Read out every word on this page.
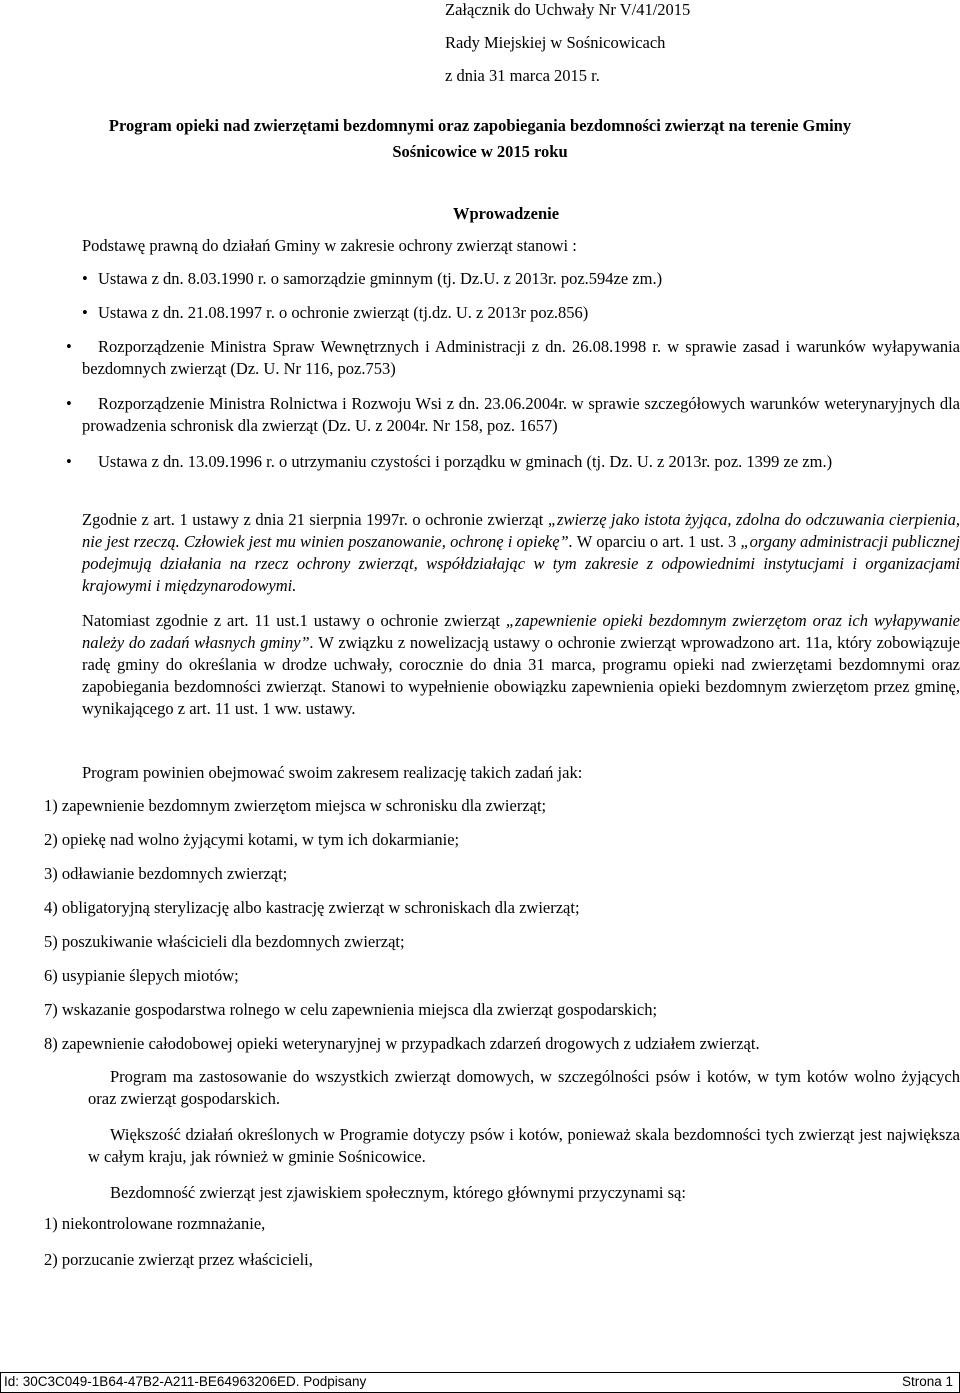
Załącznik do Uchwały Nr V/41/2015
Rady Miejskiej w Sośnicowicach
z dnia 31 marca 2015 r.
Program opieki nad zwierzętami bezdomnymi oraz zapobiegania bezdomności zwierząt na terenie Gminy
Sośnicowice w 2015 roku
Wprowadzenie
Podstawę prawną do działań Gminy w zakresie ochrony zwierząt stanowi :
• Ustawa z dn. 8.03.1990 r. o samorządzie gminnym (tj. Dz.U. z 2013r. poz.594ze zm.)
• Ustawa z dn. 21.08.1997 r. o ochronie zwierząt (tj.dz. U. z 2013r poz.856)
• Rozporządzenie Ministra Spraw Wewnętrznych i Administracji z dn. 26.08.1998 r. w sprawie zasad i warunków wyłapywania bezdomnych zwierząt (Dz. U. Nr 116, poz.753)
• Rozporządzenie Ministra Rolnictwa i Rozwoju Wsi z dn. 23.06.2004r. w sprawie szczegółowych warunków weterynaryjnych dla prowadzenia schronisk dla zwierząt (Dz. U. z 2004r. Nr 158, poz. 1657)
• Ustawa z dn. 13.09.1996 r. o utrzymaniu czystości i porządku w gminach (tj. Dz. U. z 2013r. poz. 1399 ze zm.)
Zgodnie z art. 1 ustawy z dnia 21 sierpnia 1997r. o ochronie zwierząt „zwierzę jako istota żyjąca, zdolna do odczuwania cierpienia, nie jest rzeczą. Człowiek jest mu winien poszanowanie, ochronę i opiekę”. W oparciu o art. 1 ust. 3 „organy administracji publicznej podejmują działania na rzecz ochrony zwierząt, współdziałając w tym zakresie z odpowiednimi instytucjami i organizacjami krajowymi i międzynarodowymi.
Natomiast zgodnie z art. 11 ust.1 ustawy o ochronie zwierząt „zapewnienie opieki bezdomnym zwierzętom oraz ich wyłapywanie należy do zadań własnych gminy”. W związku z nowelizacją ustawy o ochronie zwierząt wprowadzono art. 11a, który zobowiązuje radę gminy do określania w drodze uchwały, corocznie do dnia 31 marca, programu opieki nad zwierzętami bezdomnymi oraz zapobiegania bezdomności zwierząt. Stanowi to wypełnienie obowiązku zapewnienia opieki bezdomnym zwierzętom przez gminę, wynikającego z art. 11 ust. 1 ww. ustawy.
Program powinien obejmować swoim zakresem realizację takich zadań jak:
1) zapewnienie bezdomnym zwierzętom miejsca w schronisku dla zwierząt;
2) opiekę nad wolno żyjącymi kotami, w tym ich dokarmianie;
3) odławianie bezdomnych zwierząt;
4) obligatoryjną sterylizację albo kastrację zwierząt w schroniskach dla zwierząt;
5) poszukiwanie właścicieli dla bezdomnych zwierząt;
6) usypianie ślepych miotów;
7) wskazanie gospodarstwa rolnego w celu zapewnienia miejsca dla zwierząt gospodarskich;
8) zapewnienie całodobowej opieki weterynaryjnej w przypadkach zdarzeń drogowych z udziałem zwierząt.
Program ma zastosowanie do wszystkich zwierząt domowych, w szczególności psów i kotów, w tym kotów wolno żyjących oraz zwierząt gospodarskich.
Większość działań określonych w Programie dotyczy psów i kotów, ponieważ skala bezdomności tych zwierząt jest największa w całym kraju, jak również w gminie Sośnicowice.
Bezdomność zwierząt jest zjawiskiem społecznym, którego głównymi przyczynami są:
1) niekontrolowane rozmnażanie,
2) porzucanie zwierząt przez właścicieli,
Id: 30C3C049-1B64-47B2-A211-BE64963206ED. Podpisany	Strona 1
